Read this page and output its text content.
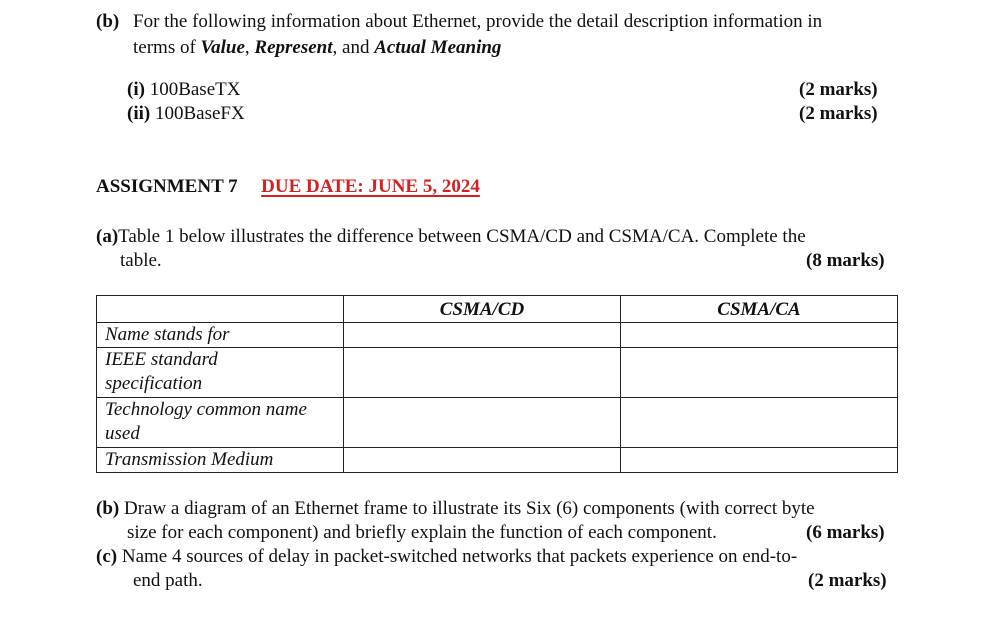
(b) For the following information about Ethernet, provide the detail description information in
terms of Value, Represent, and Actual Meaning
(i) 100BaseTX	(2 marks)
(ii) 100BaseFX	(2 marks)
ASSIGNMENT 7 DUE DATE: JUNE 5, 2024
(a)Table 1 below illustrates the difference between CSMA/CD and CSMA/CA. Complete the
table.	(8 marks)
	CSMA/CD	CSMA/CA
Name stands for		
IEEE standard
specification		
Technology common name
used		
Transmission Medium		
(b) Draw a diagram of an Ethernet frame to illustrate its Six (6) components (with correct byte
size for each component) and briefly explain the function of each component.	(6 marks)
(c) Name 4 sources of delay in packet-switched networks that packets experience on end-to-
end path.	(2 marks)
